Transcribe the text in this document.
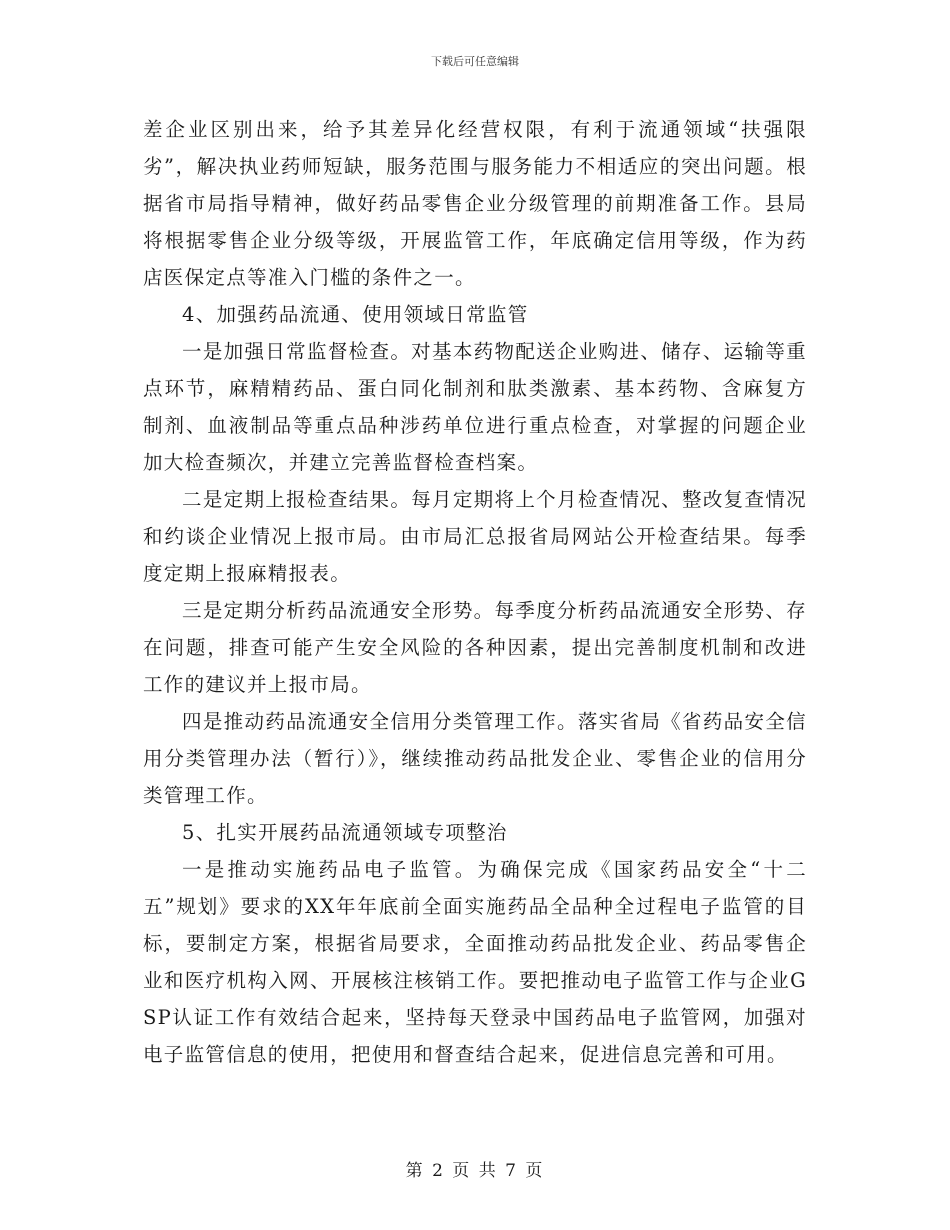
下载后可任意编辑

差企业区别出来，给予其差异化经营权限，有利于流通领域“扶强限劣”，解决执业药师短缺，服务范围与服务能力不相适应的突出问题。根据省市局指导精神，做好药品零售企业分级管理的前期准备工作。县局将根据零售企业分级等级，开展监管工作，年底确定信用等级，作为药店医保定点等准入门槛的条件之一。

4、加强药品流通、使用领域日常监管

一是加强日常监督检查。对基本药物配送企业购进、储存、运输等重点环节，麻精精药品、蛋白同化制剂和肽类激素、基本药物、含麻复方制剂、血液制品等重点品种涉药单位进行重点检查，对掌握的问题企业加大检查频次，并建立完善监督检查档案。

二是定期上报检查结果。每月定期将上个月检查情况、整改复查情况和约谈企业情况上报市局。由市局汇总报省局网站公开检查结果。每季度定期上报麻精报表。

三是定期分析药品流通安全形势。每季度分析药品流通安全形势、存在问题，排查可能产生安全风险的各种因素，提出完善制度机制和改进工作的建议并上报市局。

四是推动药品流通安全信用分类管理工作。落实省局《省药品安全信用分类管理办法（暂行）》，继续推动药品批发企业、零售企业的信用分类管理工作。

5、扎实开展药品流通领域专项整治

一是推动实施药品电子监管。为确保完成《国家药品安全“十二五”规划》要求的XX年年底前全面实施药品全品种全过程电子监管的目标，要制定方案，根据省局要求，全面推动药品批发企业、药品零售企业和医疗机构入网、开展核注核销工作。要把推动电子监管工作与企业GSP认证工作有效结合起来，坚持每天登录中国药品电子监管网，加强对电子监管信息的使用，把使用和督查结合起来，促进信息完善和可用。

第 2 页 共 7 页
